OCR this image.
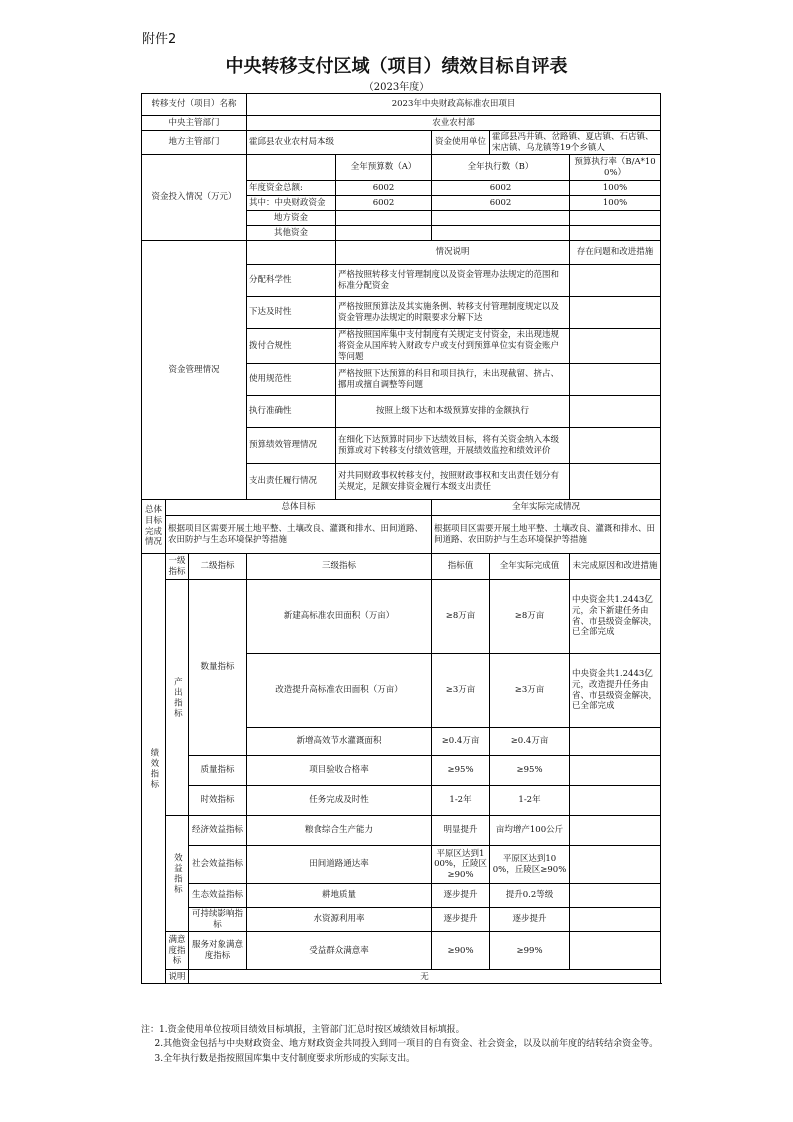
附件2
中央转移支付区域（项目）绩效目标自评表
（2023年度）
转移支付（项目）名称			2023年中央财政高标准农田项目				
中央主管部门			农业农村部				
地方主管部门			霍邱县农业农村局本级		资金使用单位	霍邱县冯井镇、岔路镇、夏店镇、石店镇、宋店镇、乌龙镇等19个乡镇人	
资金投入情况（万元）				全年预算数（A）	全年执行数（B）		预算执行率（B/A*100%）
			年度资金总额:	6002	6002		100%
			其中：中央财政资金	6002	6002		100%
			地方资金				
			其他资金				
资金管理情况				情况说明			存在问题和改进措施
			分配科学性	严格按照转移支付管理制度以及资金管理办法规定的范围和标准分配资金			
			下达及时性	严格按照预算法及其实施条例、转移支付管理制度规定以及资金管理办法规定的时限要求分解下达			
			拨付合规性	严格按照国库集中支付制度有关规定支付资金，未出现违规将资金从国库转入财政专户或支付到预算单位实有资金账户等问题			
			使用规范性	严格按照下达预算的科目和项目执行，未出现截留、挤占、挪用或擅自调整等问题			
			执行准确性	按照上级下达和本级预算安排的金额执行			
			预算绩效管理情况	在细化下达预算时同步下达绩效目标，将有关资金纳入本级预算或对下转移支付绩效管理，开展绩效监控和绩效评价			
			支出责任履行情况	对共同财政事权转移支付，按照财政事权和支出责任划分有关规定，足额安排资金履行本级支出责任			
总体目标完成情况	总体目标				全年实际完成情况		
	根据项目区需要开展土地平整、土壤改良、灌溉和排水、田间道路、农田防护与生态环境保护等措施				根据项目区需要开展土地平整、土壤改良、灌溉和排水、田间道路、农田防护与生态环境保护等措施		
绩效指标	一级指标	二级指标	三级指标		指标值	全年实际完成值	未完成原因和改进措施
	产出指标	数量指标	新建高标准农田面积（万亩）		≥8万亩	≥8万亩	中央资金共1.2443亿元，余下新建任务由省、市县级资金解决，已全部完成
			改造提升高标准农田面积（万亩）		≥3万亩	≥3万亩	中央资金共1.2443亿元，改造提升任务由省、市县级资金解决，已全部完成
			新增高效节水灌溉面积		≥0.4万亩	≥0.4万亩	
		质量指标	项目验收合格率		≥95%	≥95%	
		时效指标	任务完成及时性		1-2年	1-2年	
	效益指标	经济效益指标	粮食综合生产能力		明显提升	亩均增产100公斤	
		社会效益指标	田间道路通达率		平原区达到100%，丘陵区≥90%	平原区达到100%，丘陵区≥90%	
		生态效益指标	耕地质量		逐步提升	提升0.2等级	
		可持续影响指标	水资源利用率		逐步提升	逐步提升	
	满意度指标	服务对象满意度指标	受益群众满意率		≥90%	≥99%	
	说明	无					

注：1.资金使用单位按项目绩效目标填报，主管部门汇总时按区域绩效目标填报。

2.其他资金包括与中央财政资金、地方财政资金共同投入到同一项目的自有资金、社会资金，以及以前年度的结转结余资金等。

3.全年执行数是指按照国库集中支付制度要求所形成的实际支出。
